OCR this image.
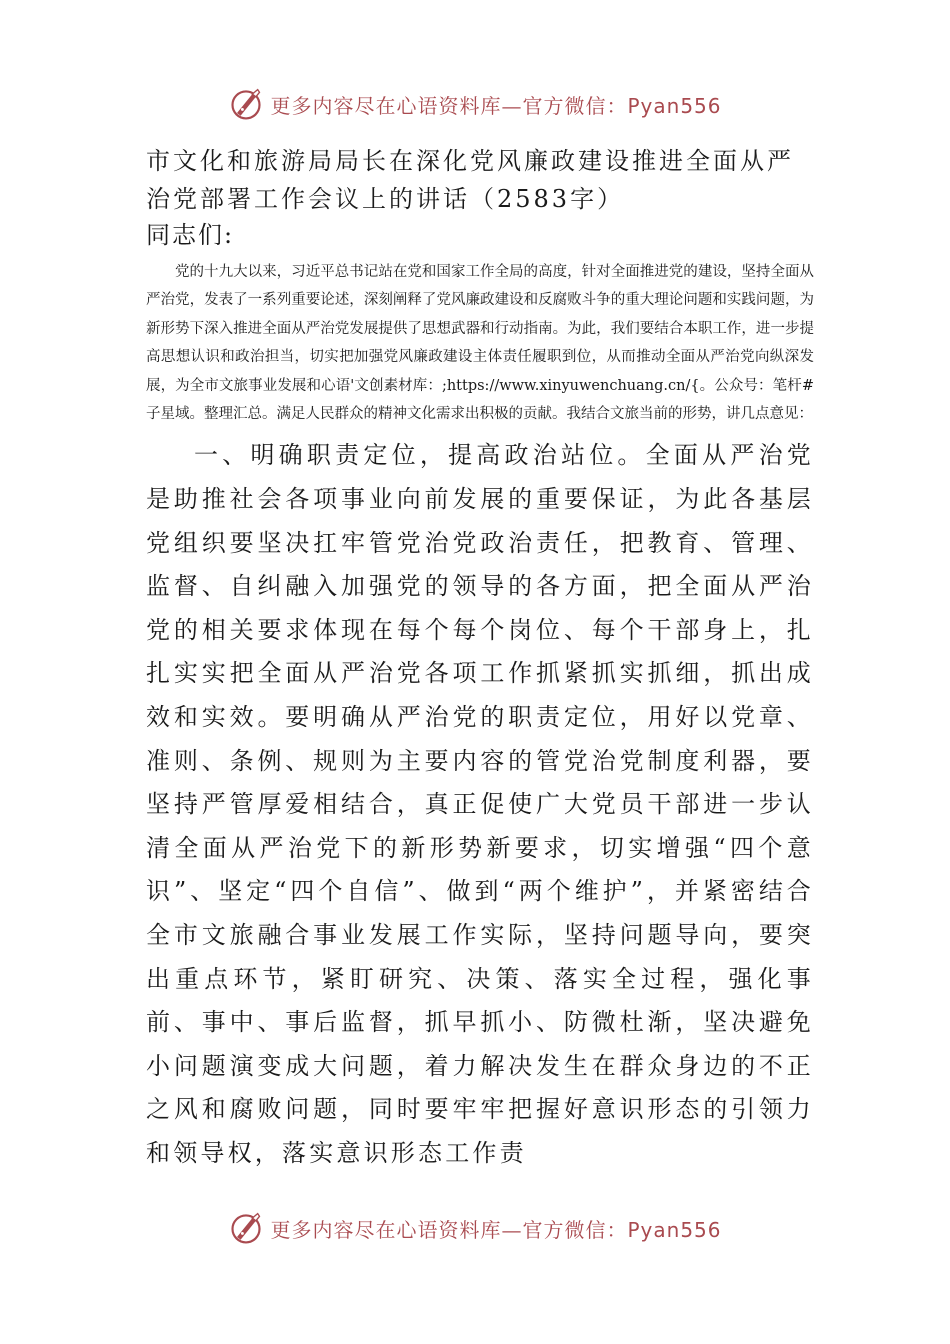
更多内容尽在心语资料库—官方微信：Pyan556
市文化和旅游局局长在深化党风廉政建设推进全面从严治党部署工作会议上的讲话（2583字）

同志们:

党的十九大以来，习近平总书记站在党和国家工作全局的高度，针对全面推进党的建设，坚持全面从严治党，发表了一系列重要论述，深刻阐释了党风廉政建设和反腐败斗争的重大理论问题和实践问题，为新形势下深入推进全面从严治党发展提供了思想武器和行动指南。为此，我们要结合本职工作，进一步提高思想认识和政治担当，切实把加强党风廉政建设主体责任履职到位，从而推动全面从严治党向纵深发展，为全市文旅事业发展和心语'文创素材库：;https://www.xinyuwenchuang.cn/{。公众号：笔杆#子星域。整理汇总。满足人民群众的精神文化需求出积极的贡献。我结合文旅当前的形势，讲几点意见：

一、明确职责定位，提高政治站位。全面从严治党是助推社会各项事业向前发展的重要保证，为此各基层党组织要坚决扛牢管党治党政治责任，把教育、管理、监督、自纠融入加强党的领导的各方面，把全面从严治党的相关要求体现在每个每个岗位、每个干部身上，扎扎实实把全面从严治党各项工作抓紧抓实抓细，抓出成效和实效。要明确从严治党的职责定位，用好以党章、准则、条例、规则为主要内容的管党治党制度利器，要坚持严管厚爱相结合，真正促使广大党员干部进一步认清全面从严治党下的新形势新要求，切实增强“四个意识”、坚定“四个自信”、做到“两个维护”，并紧密结合全市文旅融合事业发展工作实际，坚持问题导向，要突出重点环节，紧盯研究、决策、落实全过程，强化事前、事中、事后监督，抓早抓小、防微杜渐，坚决避免小问题演变成大问题，着力解决发生在群众身边的不正之风和腐败问题，同时要牢牢把握好意识形态的引领力和领导权，落实意识形态工作责

更多内容尽在心语资料库—官方微信：Pyan556
